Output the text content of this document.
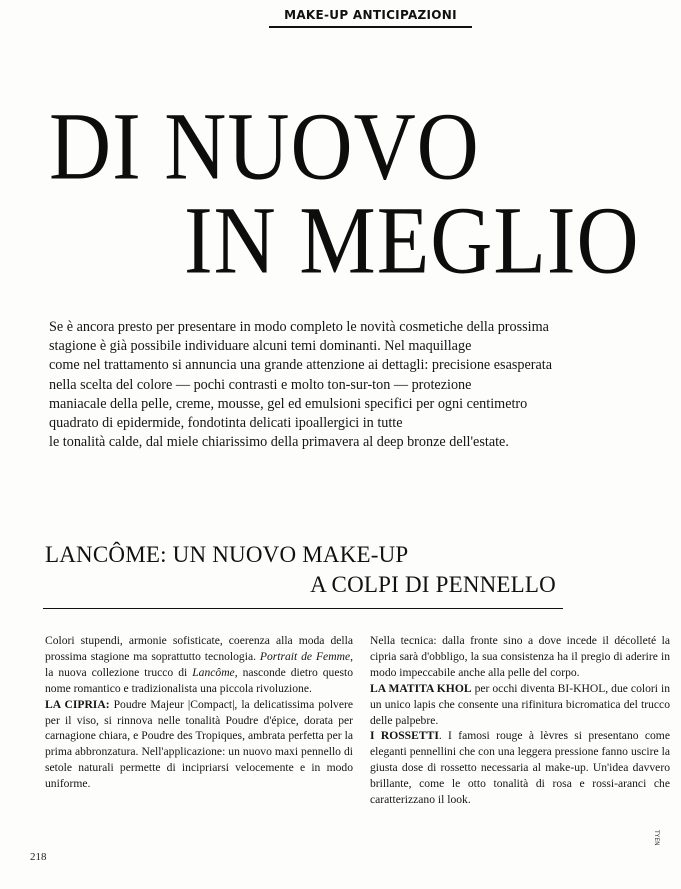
MAKE-UP ANTICIPAZIONI
DI NUOVO
IN MEGLIO
Se è ancora presto per presentare in modo completo le novità cosmetiche della prossima
stagione è già possibile individuare alcuni temi dominanti. Nel maquillage
come nel trattamento si annuncia una grande attenzione ai dettagli: precisione esasperata
nella scelta del colore — pochi contrasti e molto ton-sur-ton — protezione
maniacale della pelle, creme, mousse, gel ed emulsioni specifici per ogni centimetro
quadrato di epidermide, fondotinta delicati ipoallergici in tutte
le tonalità calde, dal miele chiarissimo della primavera al deep bronze dell'estate.
LANCÔME: UN NUOVO MAKE-UP
A COLPI DI PENNELLO

Colori stupendi, armonie sofisticate, coerenza alla moda della prossima stagione ma soprattutto tecnologia. Portrait de Femme, la nuova collezione trucco di Lancôme, nasconde dietro questo nome romantico e tradizionalista una piccola rivoluzione.

LA CIPRIA: Poudre Majeur |Compact|, la delicatissima polvere per il viso, si rinnova nelle tonalità Poudre d'épice, dorata per carnagione chiara, e Poudre des Tropiques, ambrata perfetta per la prima abbronzatura. Nell'applicazione: un nuovo maxi pennello di setole naturali permette di incipriarsi velocemente e in modo uniforme.

Nella tecnica: dalla fronte sino a dove incede il décolleté la cipria sarà d'obbligo, la sua consistenza ha il pregio di aderire in modo impeccabile anche alla pelle del corpo.

LA MATITA KHOL per occhi diventa BI-KHOL, due colori in un unico lapis che consente una rifinitura bicromatica del trucco delle palpebre.

I ROSSETTI. I famosi rouge à lèvres si presentano come eleganti pennellini che con una leggera pressione fanno uscire la giusta dose di rossetto necessaria al make-up. Un'idea davvero brillante, come le otto tonalità di rosa e rossi-aranci che caratterizzano il look.

218
TYEN
